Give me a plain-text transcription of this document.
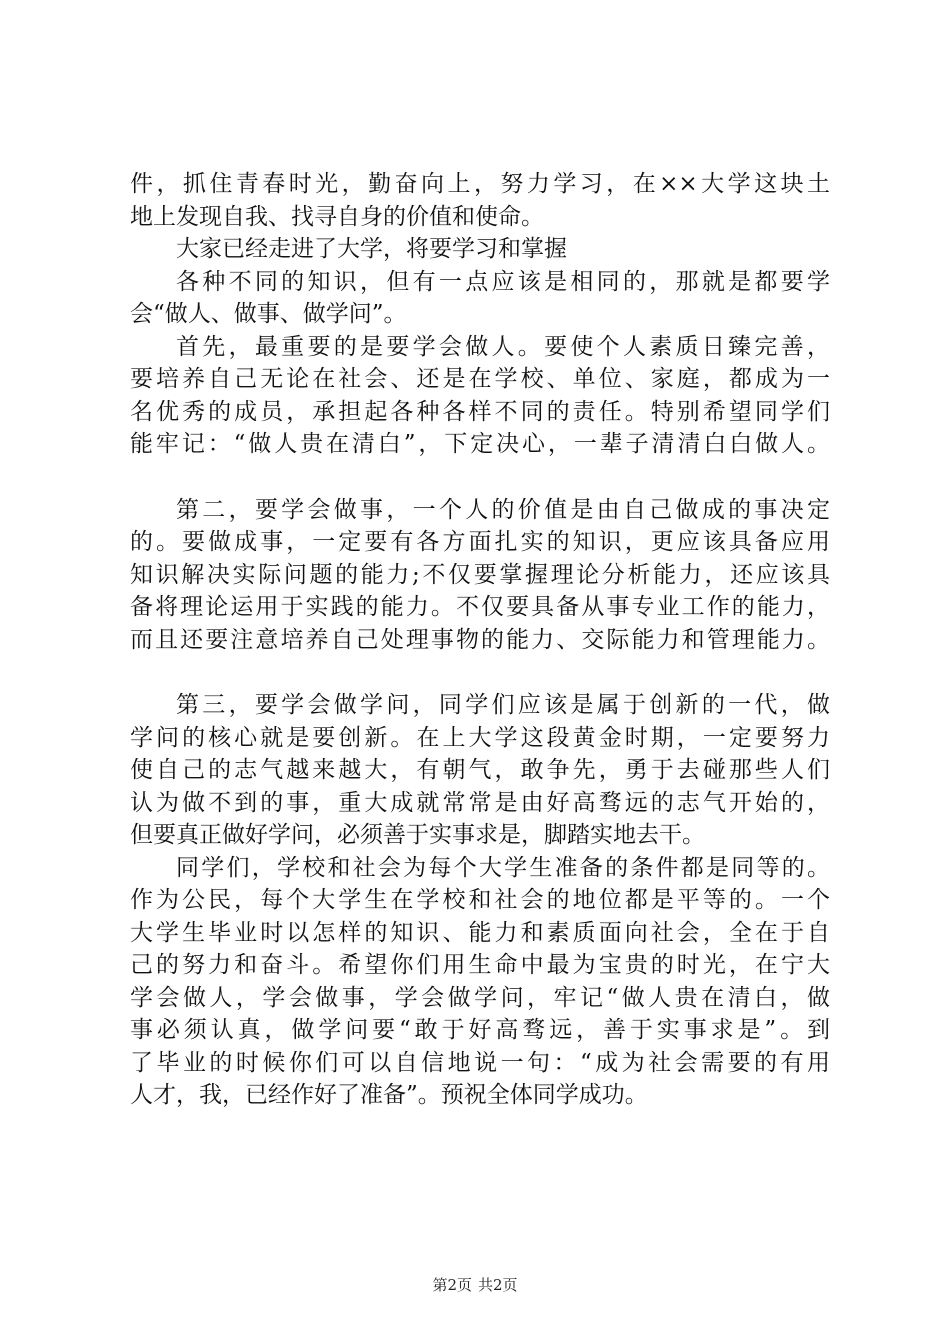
件，抓住青春时光，勤奋向上，努力学习，在××大学这块土
地上发现自我、找寻自身的价值和使命。
大家已经走进了大学，将要学习和掌握
各种不同的知识，但有一点应该是相同的，那就是都要学
会“做人、做事、做学问”。
首先，最重要的是要学会做人。要使个人素质日臻完善，
要培养自己无论在社会、还是在学校、单位、家庭，都成为一
名优秀的成员，承担起各种各样不同的责任。特别希望同学们
能牢记：“做人贵在清白”，下定决心，一辈子清清白白做人。
第二，要学会做事，一个人的价值是由自己做成的事决定
的。要做成事，一定要有各方面扎实的知识，更应该具备应用
知识解决实际问题的能力;不仅要掌握理论分析能力，还应该具
备将理论运用于实践的能力。不仅要具备从事专业工作的能力，
而且还要注意培养自己处理事物的能力、交际能力和管理能力。
第三，要学会做学问，同学们应该是属于创新的一代，做
学问的核心就是要创新。在上大学这段黄金时期，一定要努力
使自己的志气越来越大，有朝气，敢争先，勇于去碰那些人们
认为做不到的事，重大成就常常是由好高骛远的志气开始的，
但要真正做好学问，必须善于实事求是，脚踏实地去干。
同学们，学校和社会为每个大学生准备的条件都是同等的。
作为公民，每个大学生在学校和社会的地位都是平等的。一个
大学生毕业时以怎样的知识、能力和素质面向社会，全在于自
己的努力和奋斗。希望你们用生命中最为宝贵的时光，在宁大
学会做人，学会做事，学会做学问，牢记“做人贵在清白，做
事必须认真，做学问要“敢于好高骛远，善于实事求是”。到
了毕业的时候你们可以自信地说一句：“成为社会需要的有用
人才，我，已经作好了准备”。预祝全体同学成功。
第2页 共2页
